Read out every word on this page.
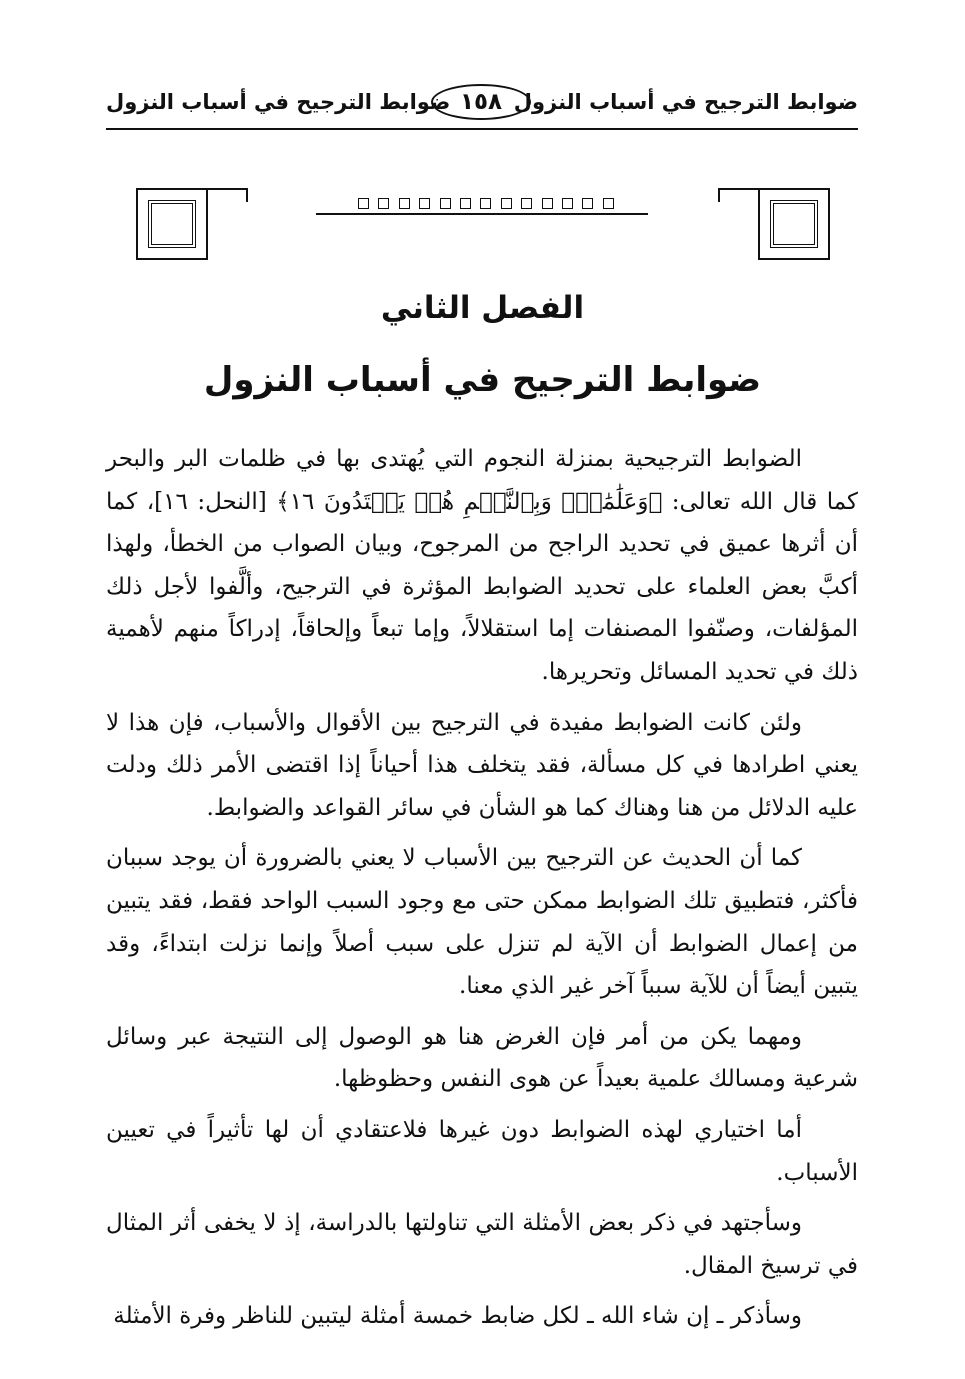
ضوابط الترجيح في أسباب النزول
١٥٨
ضوابط الترجيح في أسباب النزول
الفصل الثاني
ضوابط الترجيح في أسباب النزول

الضوابط الترجيحية بمنزلة النجوم التي يُهتدى بها في ظلمات البر والبحر كما قال الله تعالى: ﴿وَعَلَٰمَٰتٍۚ وَبِٱلنَّجۡمِ هُمۡ يَهۡتَدُونَ ١٦﴾ [النحل: ١٦]، كما أن أثرها عميق في تحديد الراجح من المرجوح، وبيان الصواب من الخطأ، ولهذا أكبَّ بعض العلماء على تحديد الضوابط المؤثرة في الترجيح، وألَّفوا لأجل ذلك المؤلفات، وصنّفوا المصنفات إما استقلالاً، وإما تبعاً وإلحاقاً، إدراكاً منهم لأهمية ذلك في تحديد المسائل وتحريرها.

ولئن كانت الضوابط مفيدة في الترجيح بين الأقوال والأسباب، فإن هذا لا يعني اطرادها في كل مسألة، فقد يتخلف هذا أحياناً إذا اقتضى الأمر ذلك ودلت عليه الدلائل من هنا وهناك كما هو الشأن في سائر القواعد والضوابط.

كما أن الحديث عن الترجيح بين الأسباب لا يعني بالضرورة أن يوجد سببان فأكثر، فتطبيق تلك الضوابط ممكن حتى مع وجود السبب الواحد فقط، فقد يتبين من إعمال الضوابط أن الآية لم تنزل على سبب أصلاً وإنما نزلت ابتداءً، وقد يتبين أيضاً أن للآية سبباً آخر غير الذي معنا.

ومهما يكن من أمر فإن الغرض هنا هو الوصول إلى النتيجة عبر وسائل شرعية ومسالك علمية بعيداً عن هوى النفس وحظوظها.

أما اختياري لهذه الضوابط دون غيرها فلاعتقادي أن لها تأثيراً في تعيين الأسباب.

وسأجتهد في ذكر بعض الأمثلة التي تناولتها بالدراسة، إذ لا يخفى أثر المثال في ترسيخ المقال.

وسأذكر ـ إن شاء الله ـ لكل ضابط خمسة أمثلة ليتبين للناظر وفرة الأمثلة
